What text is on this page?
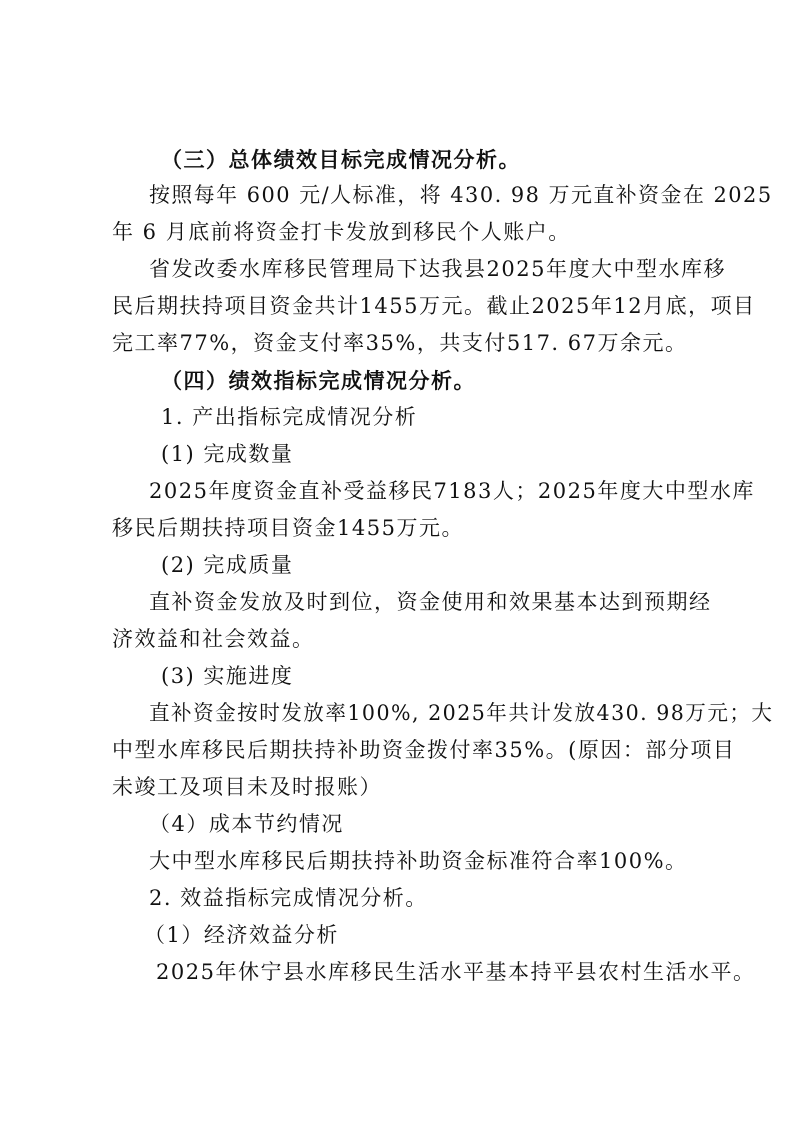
（三）总体绩效目标完成情况分析。
按照每年 600 元/人标准，将 430. 98 万元直补资金在 2025
年 6 月底前将资金打卡发放到移民个人账户。
省发改委水库移民管理局下达我县2025年度大中型水库移
民后期扶持项目资金共计1455万元。截止2025年12月底，项目
完工率77%，资金支付率35%，共支付517. 67万余元。
（四）绩效指标完成情况分析。
1. 产出指标完成情况分析
(1) 完成数量
2025年度资金直补受益移民7183人；2025年度大中型水库
移民后期扶持项目资金1455万元。
(2) 完成质量
直补资金发放及时到位，资金使用和效果基本达到预期经
济效益和社会效益。
(3) 实施进度
直补资金按时发放率100%, 2025年共计发放430. 98万元；大
中型水库移民后期扶持补助资金拨付率35%。(原因：部分项目
未竣工及项目未及时报账）
（4）成本节约情况
大中型水库移民后期扶持补助资金标准符合率100%。
2. 效益指标完成情况分析。
（1）经济效益分析
2025年休宁县水库移民生活水平基本持平县农村生活水平。
